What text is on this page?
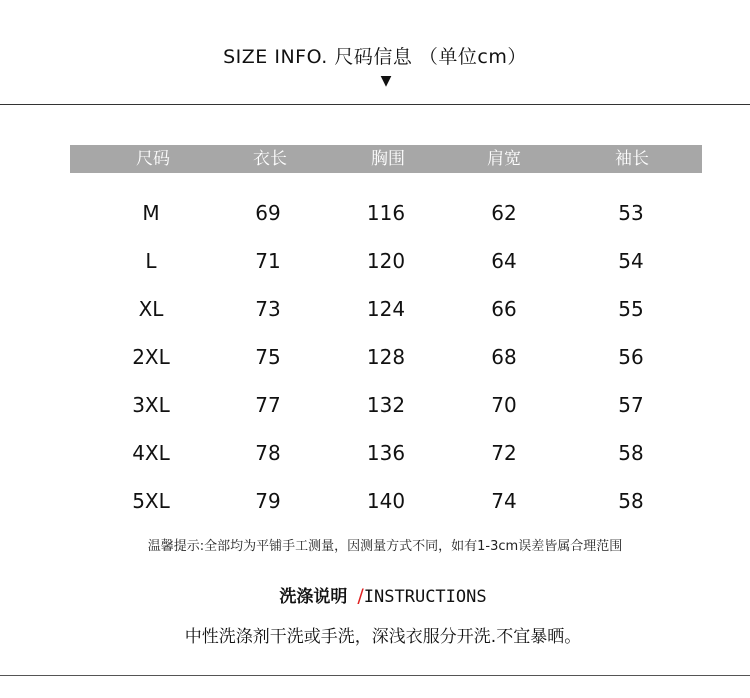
SIZE INFO. 尺码信息 （单位cm）
▼
尺码	衣长	胸围	肩宽	袖长
M	69	116	62	53
L	71	120	64	54
XL	73	124	66	55
2XL	75	128	68	56
3XL	77	132	70	57
4XL	78	136	72	58
5XL	79	140	74	58
温馨提示:全部均为平铺手工测量，因测量方式不同，如有1-3cm误差皆属合理范围
洗涤说明 /INSTRUCTIONS
中性洗涤剂干洗或手洗，深浅衣服分开洗.不宜暴晒。
